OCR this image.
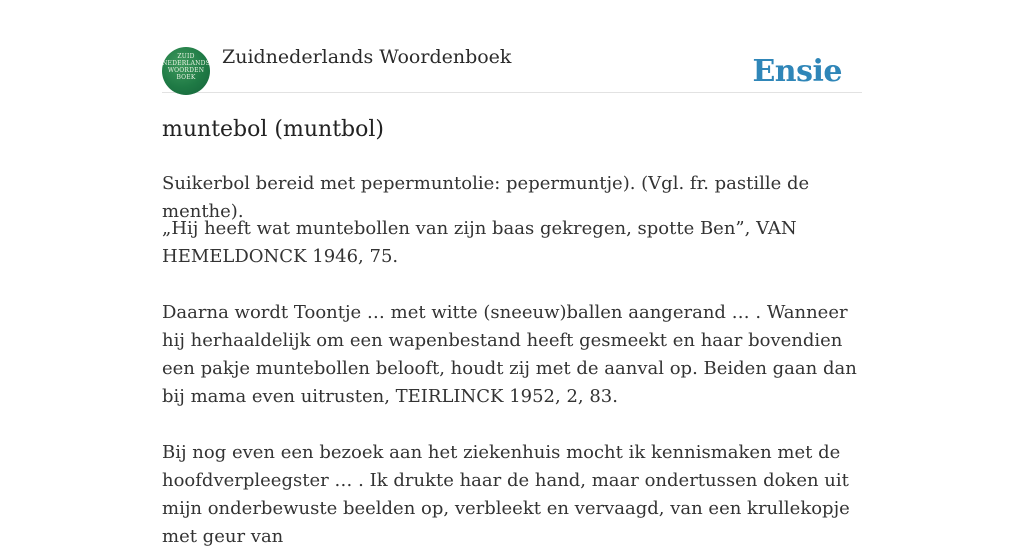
ZUID NEDERLANDS WOORDEN BOEK
Zuidnederlands Woordenboek	Ensie
muntebol (muntbol)
Suikerbol bereid met pepermuntolie: pepermuntje). (Vgl. fr. pastille de menthe).
„Hij heeft wat muntebollen van zijn baas gekregen, spotte Ben”, VAN HEMELDONCK 1946, 75.
Daarna wordt Toontje … met witte (sneeuw)ballen aangerand … . Wanneer hij herhaaldelijk om een wapenbestand heeft gesmeekt en haar bovendien een pakje muntebollen belooft, houdt zij met de aanval op. Beiden gaan dan bij mama even uitrusten, TEIRLINCK 1952, 2, 83.
Bij nog even een bezoek aan het ziekenhuis mocht ik kennismaken met de hoofdverpleegster … . Ik drukte haar de hand, maar ondertussen doken uit mijn onderbewuste beelden op, verbleekt en vervaagd, van een krullekopje met geur van
